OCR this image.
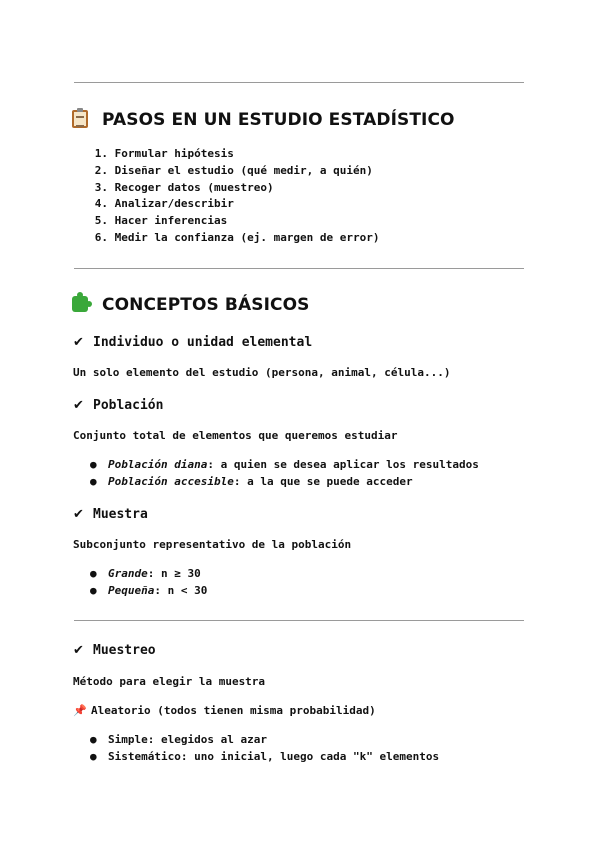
PASOS EN UN ESTUDIO ESTADÍSTICO
1. Formular hipótesis
2. Diseñar el estudio (qué medir, a quién)
3. Recoger datos (muestreo)
4. Analizar/describir
5. Hacer inferencias
6. Medir la confianza (ej. margen de error)
CONCEPTOS BÁSICOS
✔ Individuo o unidad elemental

Un solo elemento del estudio (persona, animal, célula...)

✔ Población

Conjunto total de elementos que queremos estudiar

● Población diana: a quien se desea aplicar los resultados
● Población accesible: a la que se puede acceder
✔ Muestra

Subconjunto representativo de la población

● Grande: n ≥ 30
● Pequeña: n < 30
✔ Muestreo

Método para elegir la muestra

📌 Aleatorio (todos tienen misma probabilidad)

● Simple: elegidos al azar
● Sistemático: uno inicial, luego cada "k" elementos
